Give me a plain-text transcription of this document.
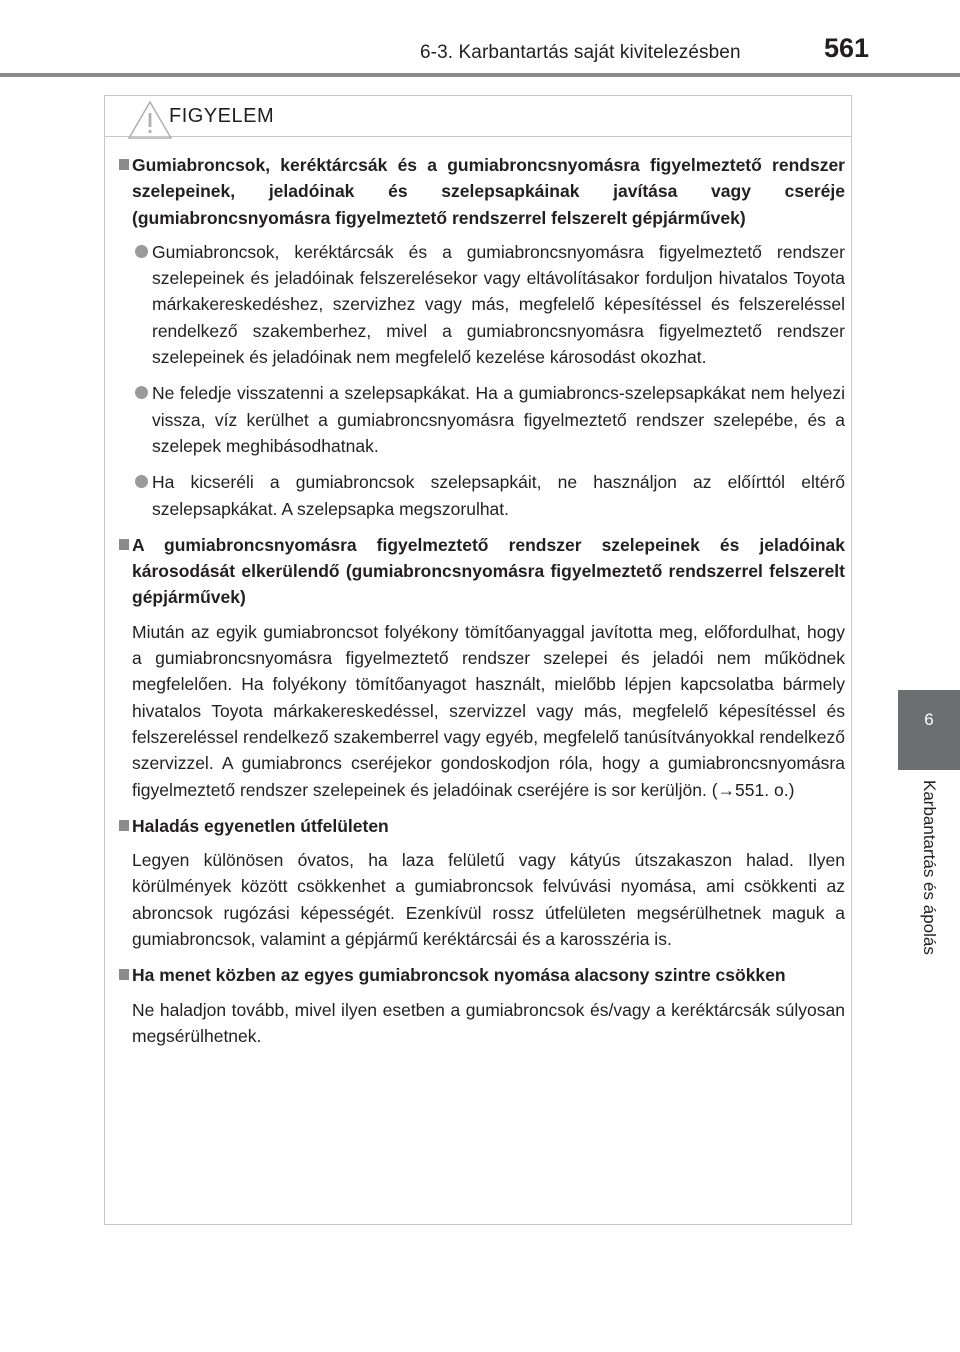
6-3. Karbantartás saját kivitelezésben	561
6
Karbantartás és ápolás
FIGYELEM
Gumiabroncsok, keréktárcsák és a gumiabroncsnyomásra figyelmeztető rendszer szelepeinek, jeladóinak és szelepsapkáinak javítása vagy cseréje (gumiabroncsnyomásra figyelmeztető rendszerrel felszerelt gépjárművek)
Gumiabroncsok, keréktárcsák és a gumiabroncsnyomásra figyelmeztető rendszer szelepeinek és jeladóinak felszerelésekor vagy eltávolításakor forduljon hivatalos Toyota márkakereskedéshez, szervizhez vagy más, megfelelő képesítéssel és felszereléssel rendelkező szakemberhez, mivel a gumiabroncsnyomásra figyelmeztető rendszer szelepeinek és jeladóinak nem megfelelő kezelése károsodást okozhat.
Ne feledje visszatenni a szelepsapkákat. Ha a gumiabroncs-szelepsapkákat nem helyezi vissza, víz kerülhet a gumiabroncsnyomásra figyelmeztető rendszer szelepébe, és a szelepek meghibásodhatnak.
Ha kicseréli a gumiabroncsok szelepsapkáit, ne használjon az előírttól eltérő szelepsapkákat. A szelepsapka megszorulhat.
A gumiabroncsnyomásra figyelmeztető rendszer szelepeinek és jeladóinak károsodását elkerülendő (gumiabroncsnyomásra figyelmeztető rendszerrel felszerelt gépjárművek)
Miután az egyik gumiabroncsot folyékony tömítőanyaggal javította meg, előfordulhat, hogy a gumiabroncsnyomásra figyelmeztető rendszer szelepei és jeladói nem működnek megfelelően. Ha folyékony tömítőanyagot használt, mielőbb lépjen kapcsolatba bármely hivatalos Toyota márkakereskedéssel, szervizzel vagy más, megfelelő képesítéssel és felszereléssel rendelkező szakemberrel vagy egyéb, megfelelő tanúsítványokkal rendelkező szervizzel. A gumiabroncs cseréjekor gondoskodjon róla, hogy a gumiabroncsnyomásra figyelmeztető rendszer szelepeinek és jeladóinak cseréjére is sor kerüljön. (→551. o.)
Haladás egyenetlen útfelületen
Legyen különösen óvatos, ha laza felületű vagy kátyús útszakaszon halad. Ilyen körülmények között csökkenhet a gumiabroncsok felvúvási nyomása, ami csökkenti az abroncsok rugózási képességét. Ezenkívül rossz útfelületen megsérülhetnek maguk a gumiabroncsok, valamint a gépjármű keréktárcsái és a karosszéria is.
Ha menet közben az egyes gumiabroncsok nyomása alacsony szintre csökken
Ne haladjon tovább, mivel ilyen esetben a gumiabroncsok és/vagy a keréktárcsák súlyosan megsérülhetnek.
